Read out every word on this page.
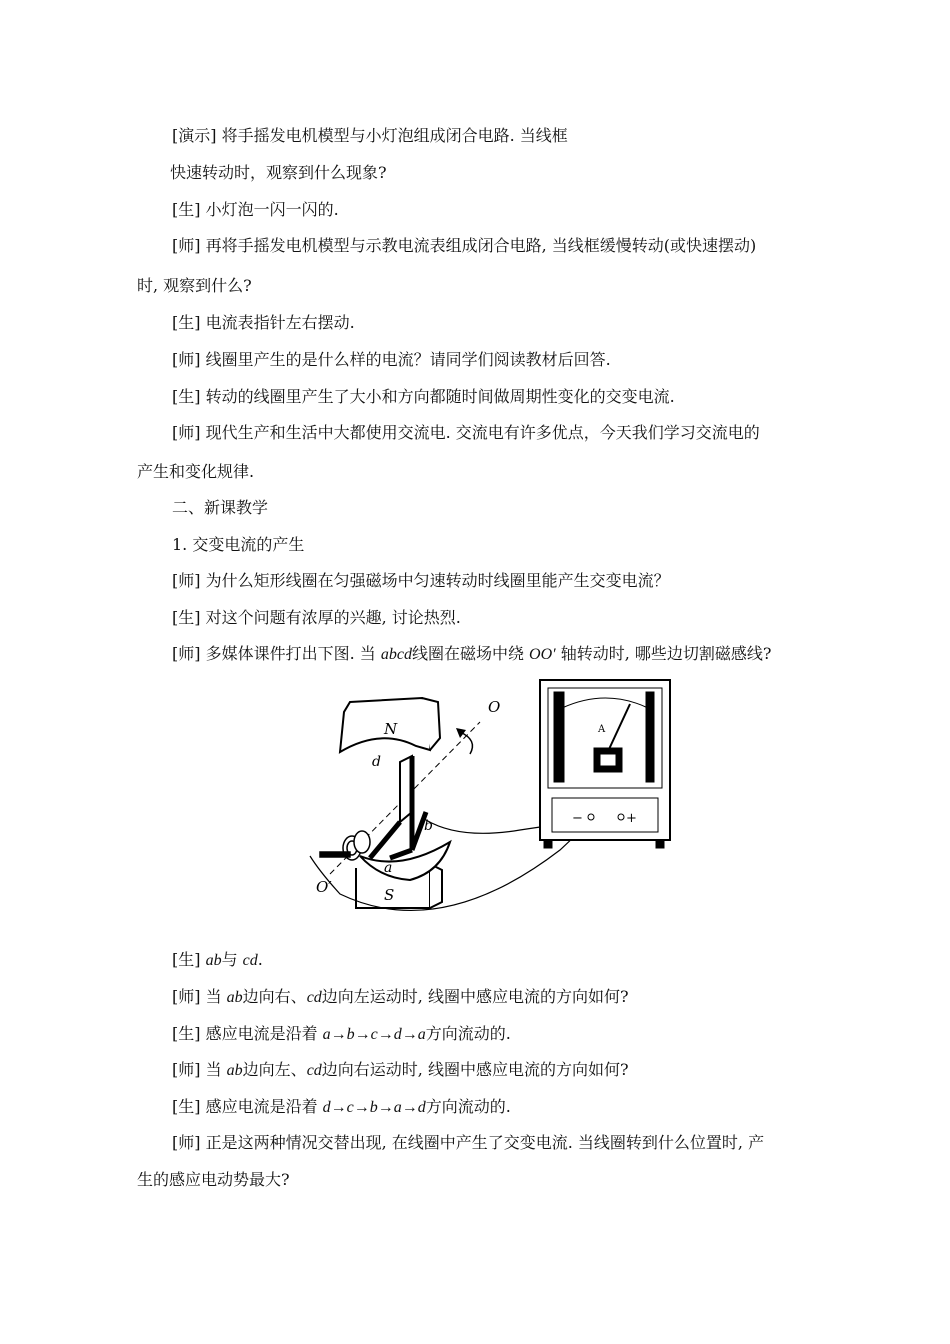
[演示] 将手摇发电机模型与小灯泡组成闭合电路. 当线框
快速转动时，观察到什么现象?
[生] 小灯泡一闪一闪的.
[师] 再将手摇发电机模型与示教电流表组成闭合电路, 当线框缓慢转动(或快速摆动)
时, 观察到什么?
[生] 电流表指针左右摆动.
[师] 线圈里产生的是什么样的电流？请同学们阅读教材后回答.
[生] 转动的线圈里产生了大小和方向都随时间做周期性变化的交变电流.
[师] 现代生产和生活中大都使用交流电. 交流电有许多优点，今天我们学习交流电的
产生和变化规律.
二、新课教学
1. 交变电流的产生
[师] 为什么矩形线圈在匀强磁场中匀速转动时线圈里能产生交变电流？
[生] 对这个问题有浓厚的兴趣, 讨论热烈.
[师] 多媒体课件打出下图. 当 abcd线圈在磁场中绕 OO′ 轴转动时, 哪些边切割磁感线?
N
S
O
O′
d
b
a
A
−	+
[生] ab与 cd.
[师] 当 ab边向右、cd边向左运动时, 线圈中感应电流的方向如何?
[生] 感应电流是沿着 a→b→c→d→a方向流动的.
[师] 当 ab边向左、cd边向右运动时, 线圈中感应电流的方向如何?
[生] 感应电流是沿着 d→c→b→a→d方向流动的.
[师] 正是这两种情况交替出现, 在线圈中产生了交变电流. 当线圈转到什么位置时, 产
生的感应电动势最大?
